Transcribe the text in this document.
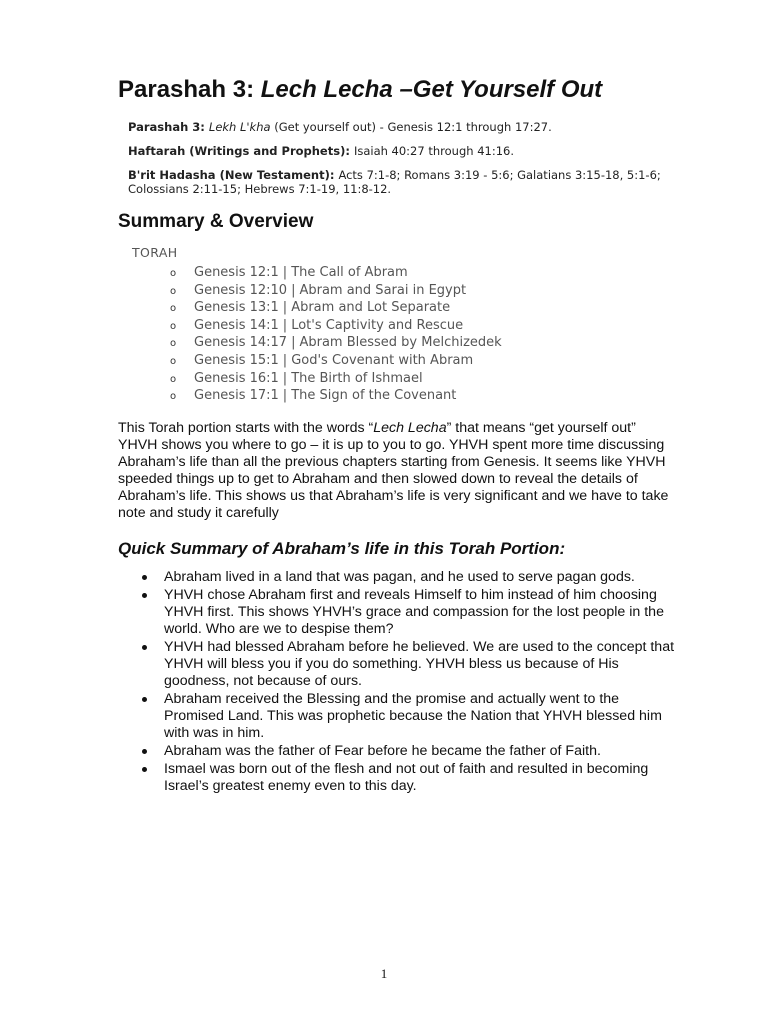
Parashah 3: Lech Lecha –Get Yourself Out

Parashah 3: Lekh L'kha (Get yourself out) - Genesis 12:1 through 17:27.

Haftarah (Writings and Prophets): Isaiah 40:27 through 41:16.

B'rit Hadasha (New Testament): Acts 7:1-8; Romans 3:19 - 5:6; Galatians 3:15-18, 5:1-6; Colossians 2:11-15; Hebrews 7:1-19, 11:8-12.

Summary & Overview
TORAH
o Genesis 12:1 | The Call of Abram
o Genesis 12:10 | Abram and Sarai in Egypt
o Genesis 13:1 | Abram and Lot Separate
o Genesis 14:1 | Lot's Captivity and Rescue
o Genesis 14:17 | Abram Blessed by Melchizedek
o Genesis 15:1 | God's Covenant with Abram
o Genesis 16:1 | The Birth of Ishmael
o Genesis 17:1 | The Sign of the Covenant

This Torah portion starts with the words “Lech Lecha” that means “get yourself out” YHVH shows you where to go – it is up to you to go. YHVH spent more time discussing Abraham’s life than all the previous chapters starting from Genesis. It seems like YHVH speeded things up to get to Abraham and then slowed down to reveal the details of Abraham’s life. This shows us that Abraham’s life is very significant and we have to take note and study it carefully

Quick Summary of Abraham’s life in this Torah Portion:
Abraham lived in a land that was pagan, and he used to serve pagan gods.
YHVH chose Abraham first and reveals Himself to him instead of him choosing YHVH first. This shows YHVH’s grace and compassion for the lost people in the world. Who are we to despise them?
YHVH had blessed Abraham before he believed. We are used to the concept that YHVH will bless you if you do something. YHVH bless us because of His goodness, not because of ours.
Abraham received the Blessing and the promise and actually went to the Promised Land. This was prophetic because the Nation that YHVH blessed him with was in him.
Abraham was the father of Fear before he became the father of Faith.
Ismael was born out of the flesh and not out of faith and resulted in becoming Israel’s greatest enemy even to this day.
1
